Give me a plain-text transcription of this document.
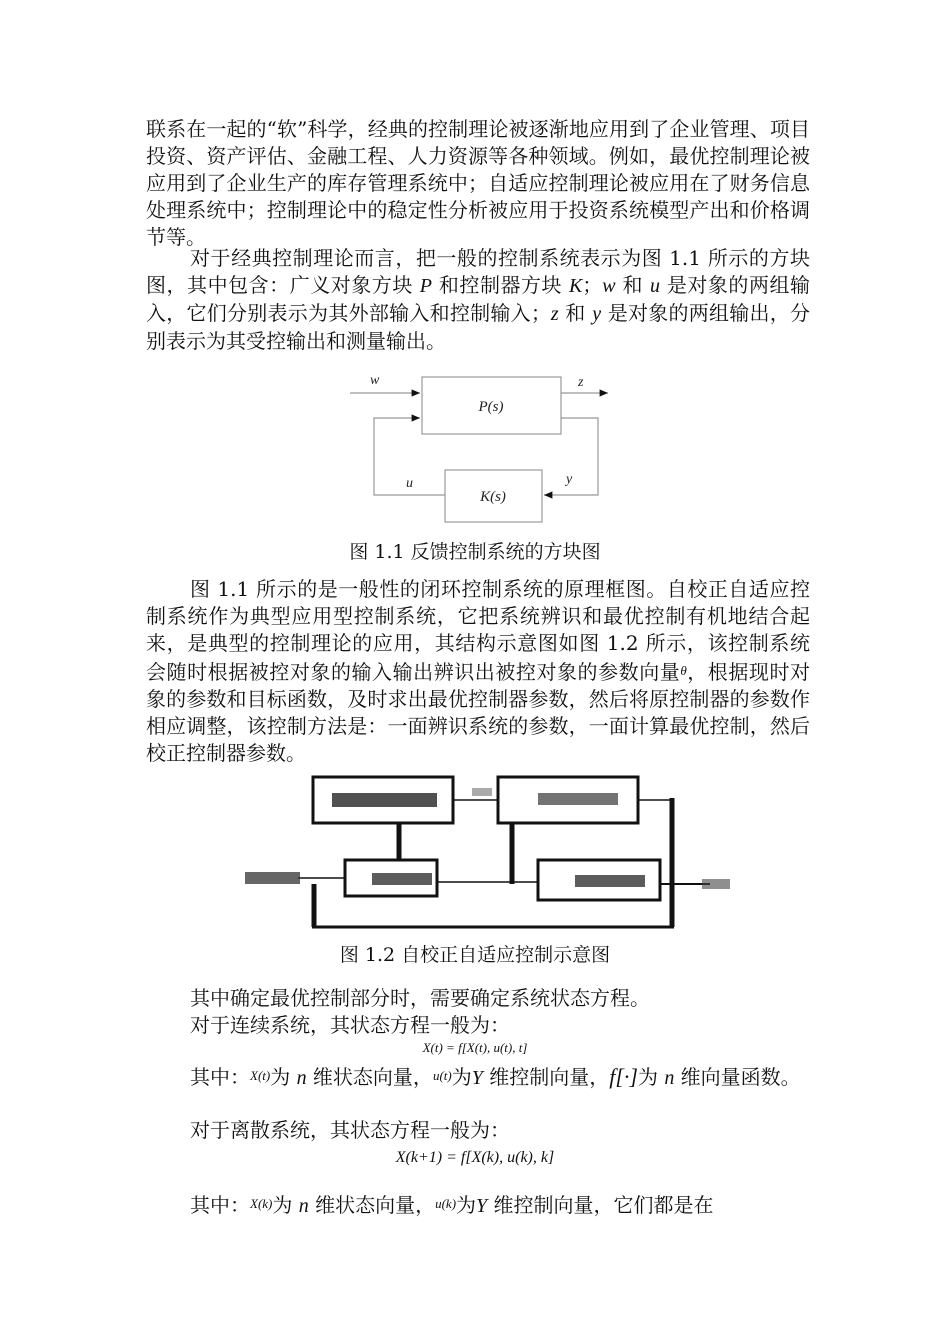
联系在一起的“软”科学，经典的控制理论被逐渐地应用到了企业管理、项目投资、资产评估、金融工程、人力资源等各种领域。例如，最优控制理论被应用到了企业生产的库存管理系统中；自适应控制理论被应用在了财务信息处理系统中；控制理论中的稳定性分析被应用于投资系统模型产出和价格调节等。
对于经典控制理论而言，把一般的控制系统表示为图 1.1 所示的方块图，其中包含：广义对象方块 P 和控制器方块 K；w 和 u 是对象的两组输入，它们分别表示为其外部输入和控制输入；z 和 y 是对象的两组输出，分别表示为其受控输出和测量输出。
P(s)
K(s)
w	z
u	y
图 1.1 反馈控制系统的方块图
图 1.1 所示的是一般性的闭环控制系统的原理框图。自校正自适应控制系统作为典型应用型控制系统，它把系统辨识和最优控制有机地结合起来，是典型的控制理论的应用，其结构示意图如图 1.2 所示，该控制系统会随时根据被控对象的输入输出辨识出被控对象的参数向量$^\theta$，根据现时对象的参数和目标函数，及时求出最优控制器参数，然后将原控制器的参数作相应调整，该控制方法是：一面辨识系统的参数，一面计算最优控制，然后校正控制器参数。
图 1.2 自校正自适应控制示意图
其中确定最优控制部分时，需要确定系统状态方程。
对于连续系统，其状态方程一般为：
X(t) = f[X(t), u(t), t]
其中：$^{X(t)}$为 n 维状态向量，$^{u(t)}$为Y 维控制向量，f[·]为 n 维向量函数。
对于离散系统，其状态方程一般为：
X(k+1) = f[X(k), u(k), k]
其中：$^{X(k)}$为 n 维状态向量，$^{u(k)}$为Y 维控制向量，它们都是在
